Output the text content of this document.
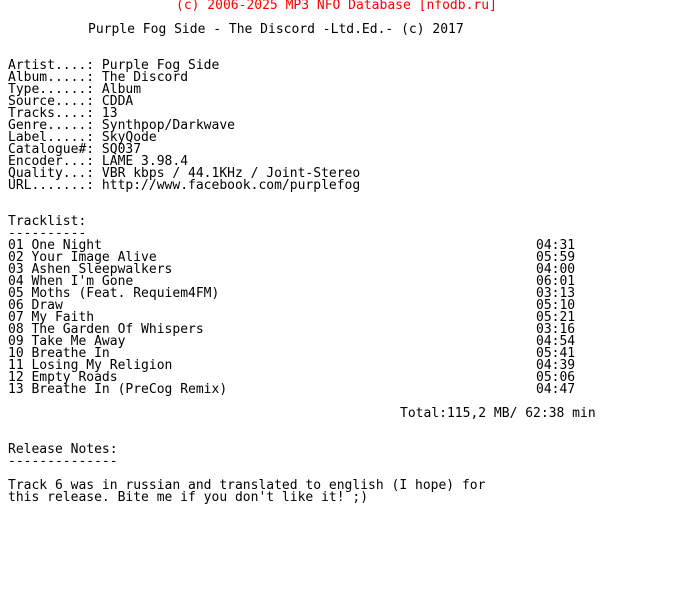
(c) 2006-2025 MP3 NFO Database [nfodb.ru]
Purple Fog Side - The Discord -Ltd.Ed.- (c) 2017
Artist....: Purple Fog Side
Album.....: The Discord
Type......: Album
Source....: CDDA
Tracks....: 13
Genre.....: Synthpop/Darkwave
Label.....: SkyQode
Catalogue#: SQ037
Encoder...: LAME 3.98.4
Quality...: VBR kbps / 44.1KHz / Joint-Stereo
URL.......: http://www.facebook.com/purplefog
Tracklist:
----------
01 One Night	04:31
02 Your Image Alive	05:59
03 Ashen Sleepwalkers	04:00
04 When I'm Gone	06:01
05 Moths (Feat. Requiem4FM)	03:13
06 Draw	05:10
07 My Faith	05:21
08 The Garden Of Whispers	03:16
09 Take Me Away	04:54
10 Breathe In	05:41
11 Losing My Religion	04:39
12 Empty Roads	05:06
13 Breathe In (PreCog Remix)	04:47
Total:115,2 MB/ 62:38 min
Release Notes:
--------------
Track 6 was in russian and translated to english (I hope) for
this release. Bite me if you don't like it! ;)
